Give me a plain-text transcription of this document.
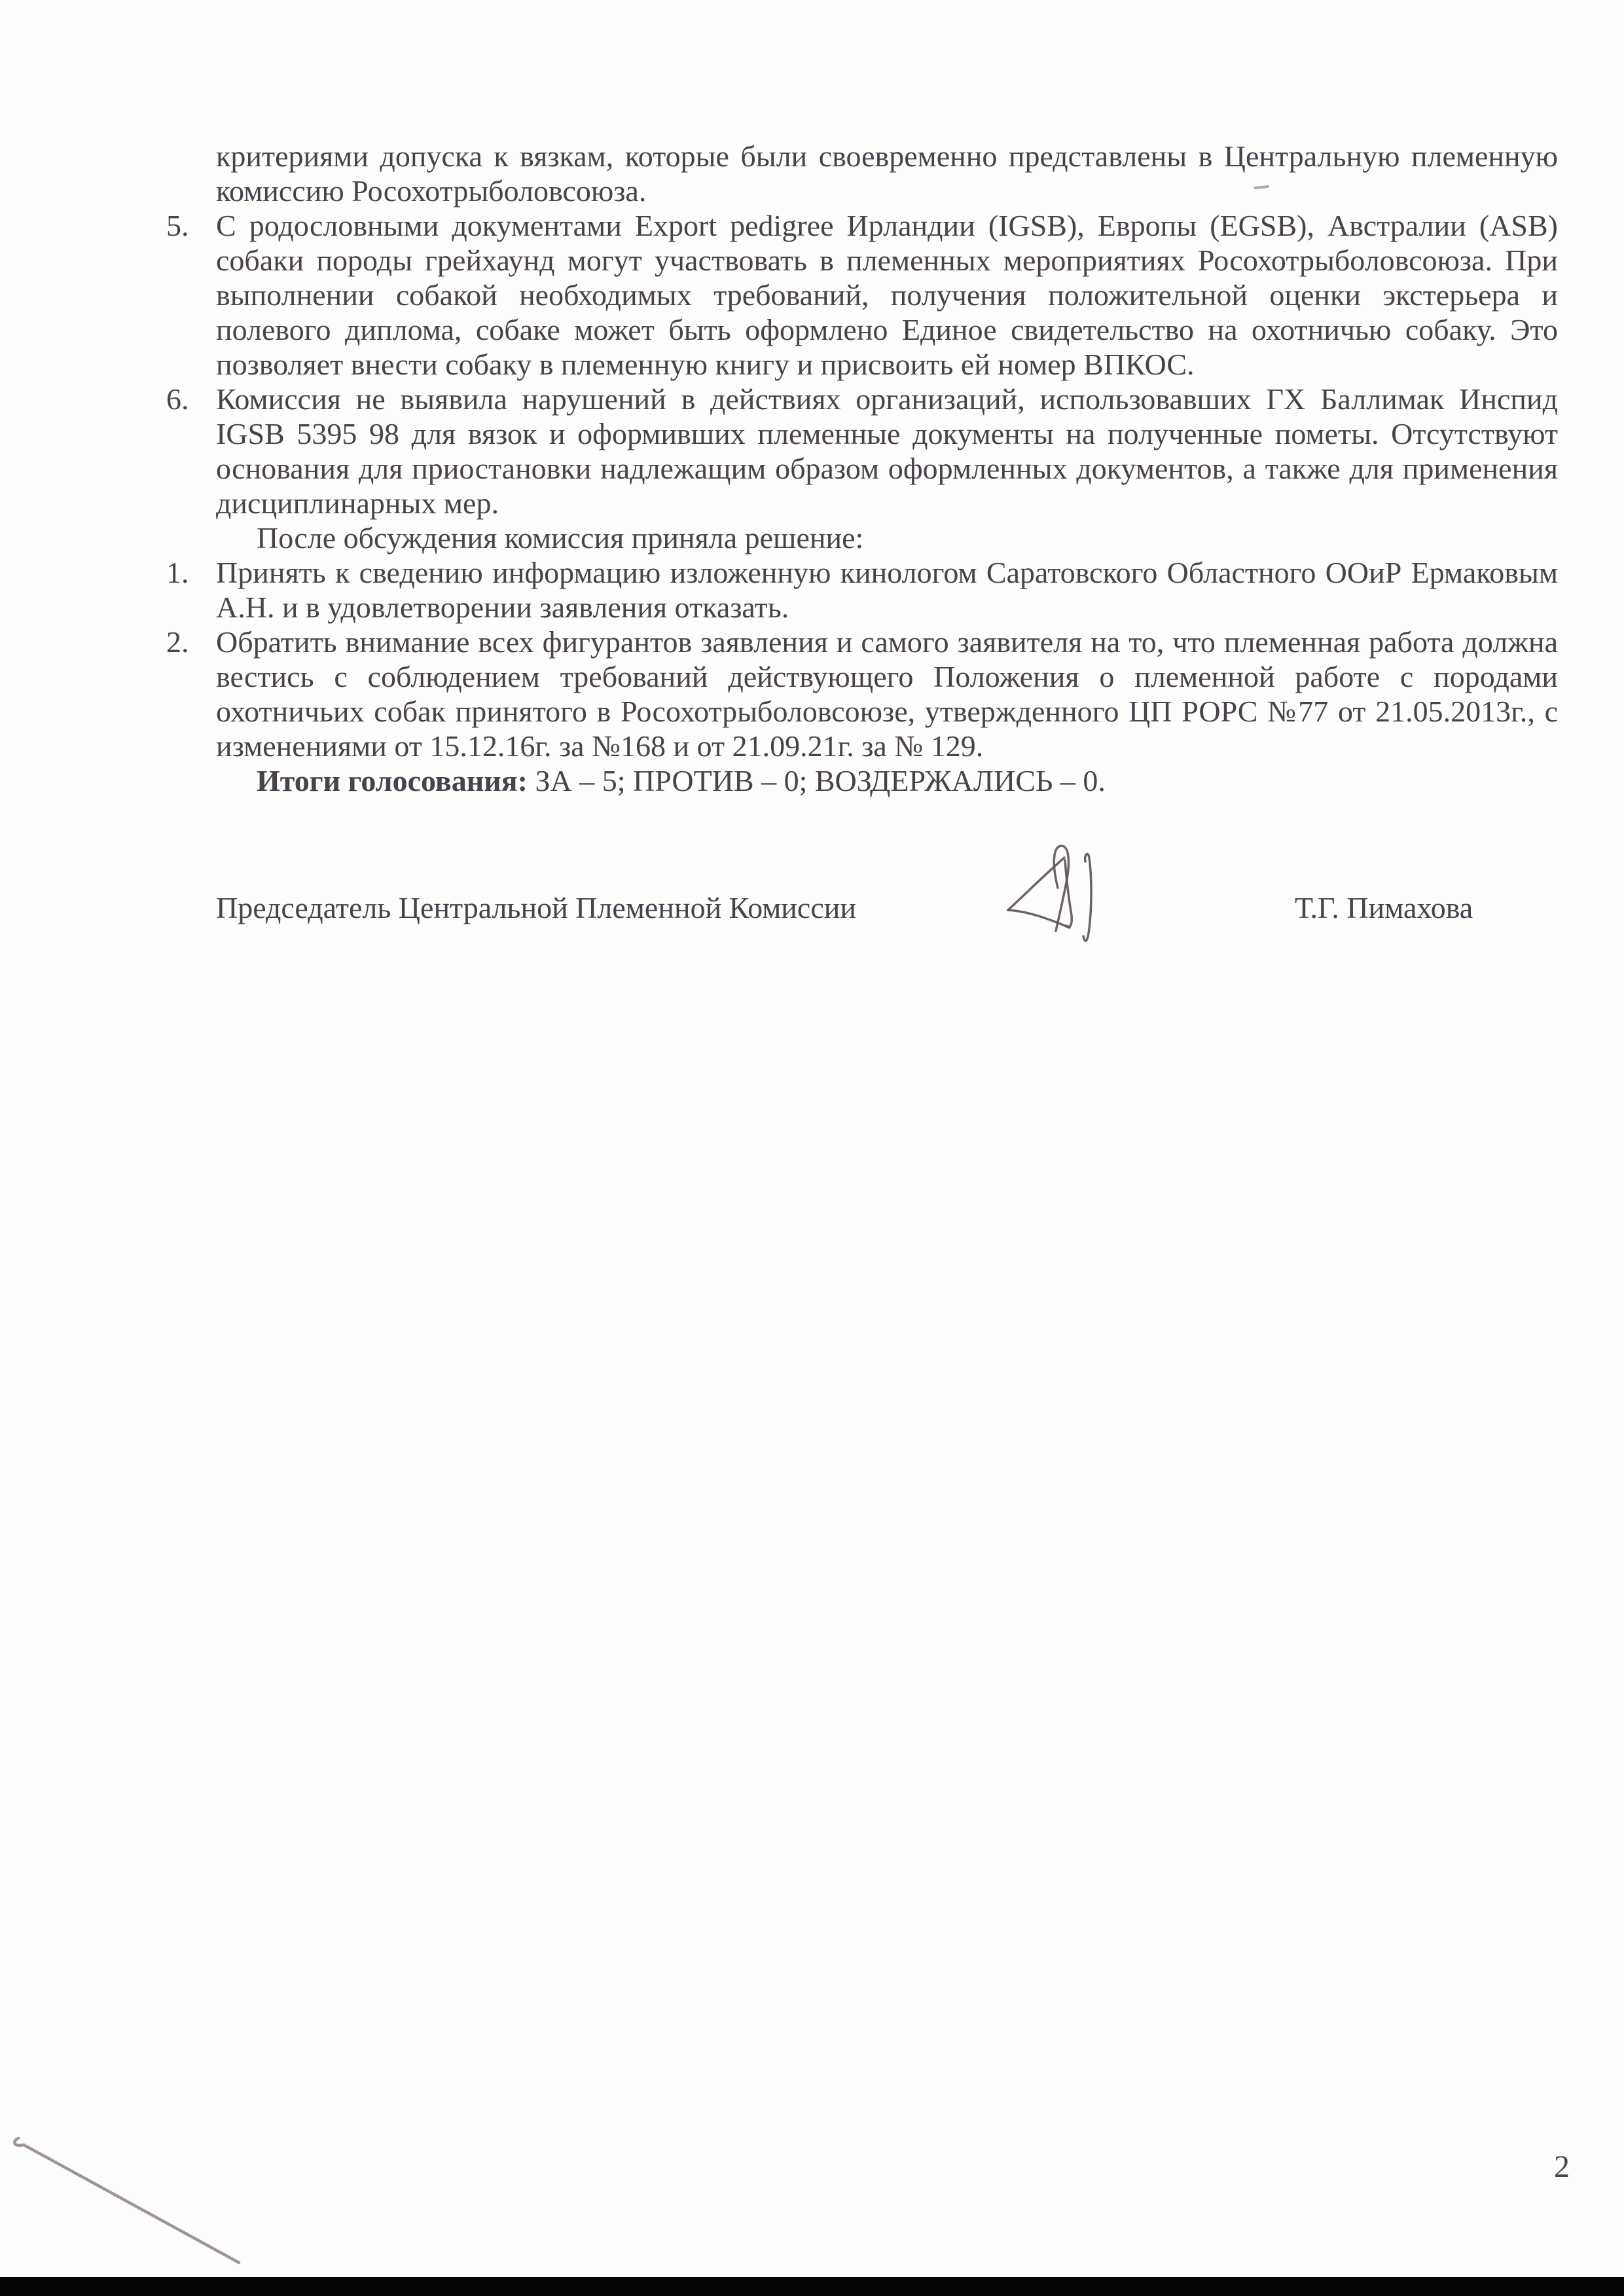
критериями допуска к вязкам, которые были своевременно представлены в Центральную племенную комиссию Росохотрыболовсоюза.

5. С родословными документами Export pedigree Ирландии (IGSB), Европы (EGSB), Австралии (ASB) собаки породы грейхаунд могут участвовать в племенных мероприятиях Росохотрыболовсоюза. При выполнении собакой необходимых требований, получения положительной оценки экстерьера и полевого диплома, собаке может быть оформлено Единое свидетельство на охотничью собаку. Это позволяет внести собаку в племенную книгу и присвоить ей номер ВПКОС.

6. Комиссия не выявила нарушений в действиях организаций, использовавших ГХ Баллимак Инспид IGSB 5395 98 для вязок и оформивших племенные документы на полученные пометы. Отсутствуют основания для приостановки надлежащим образом оформленных документов, а также для применения дисциплинарных мер.

После обсуждения комиссия приняла решение:

1. Принять к сведению информацию изложенную кинологом Саратовского Областного ООиР Ермаковым А.Н. и в удовлетворении заявления отказать.

2. Обратить внимание всех фигурантов заявления и самого заявителя на то, что племенная работа должна вестись с соблюдением требований действующего Положения о племенной работе с породами охотничьих собак принятого в Росохотрыболовсоюзе, утвержденного ЦП РОРС №77 от 21.05.2013г., с изменениями от 15.12.16г. за №168 и от 21.09.21г. за № 129.

Итоги голосования: ЗА – 5; ПРОТИВ – 0; ВОЗДЕРЖАЛИСЬ – 0.

Председатель Центральной Племенной Комиссии	Т.Г. Пимахова
2
